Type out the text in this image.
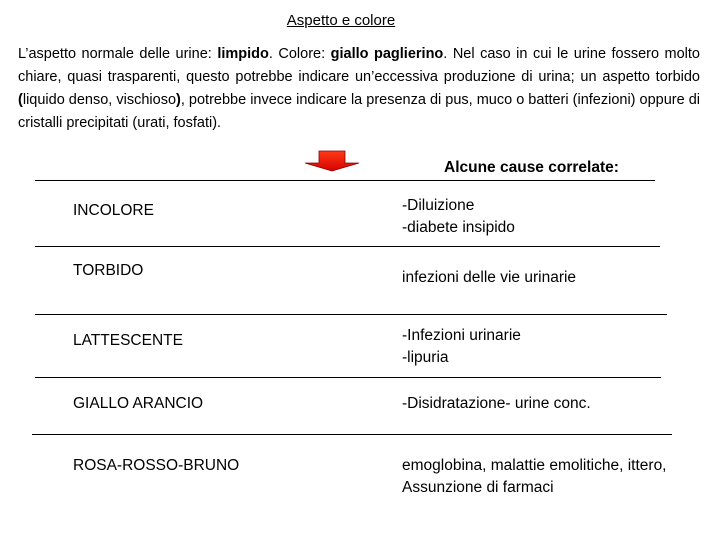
Aspetto e colore
L’aspetto normale delle urine: limpido. Colore: giallo paglierino. Nel caso in cui le urine fossero molto chiare, quasi trasparenti, questo potrebbe indicare un’eccessiva produzione di urina; un aspetto torbido (liquido denso, vischioso), potrebbe invece indicare la presenza di pus, muco o batteri (infezioni) oppure di cristalli precipitati (urati, fosfati).
Alcune cause correlate:
INCOLORE	-Diluizione
-diabete insipido
TORBIDO	infezioni delle vie urinarie
LATTESCENTE	-Infezioni urinarie
-lipuria
GIALLO ARANCIO	-Disidratazione- urine conc.
ROSA-ROSSO-BRUNO	emoglobina, malattie emolitiche, ittero,
Assunzione di farmaci
